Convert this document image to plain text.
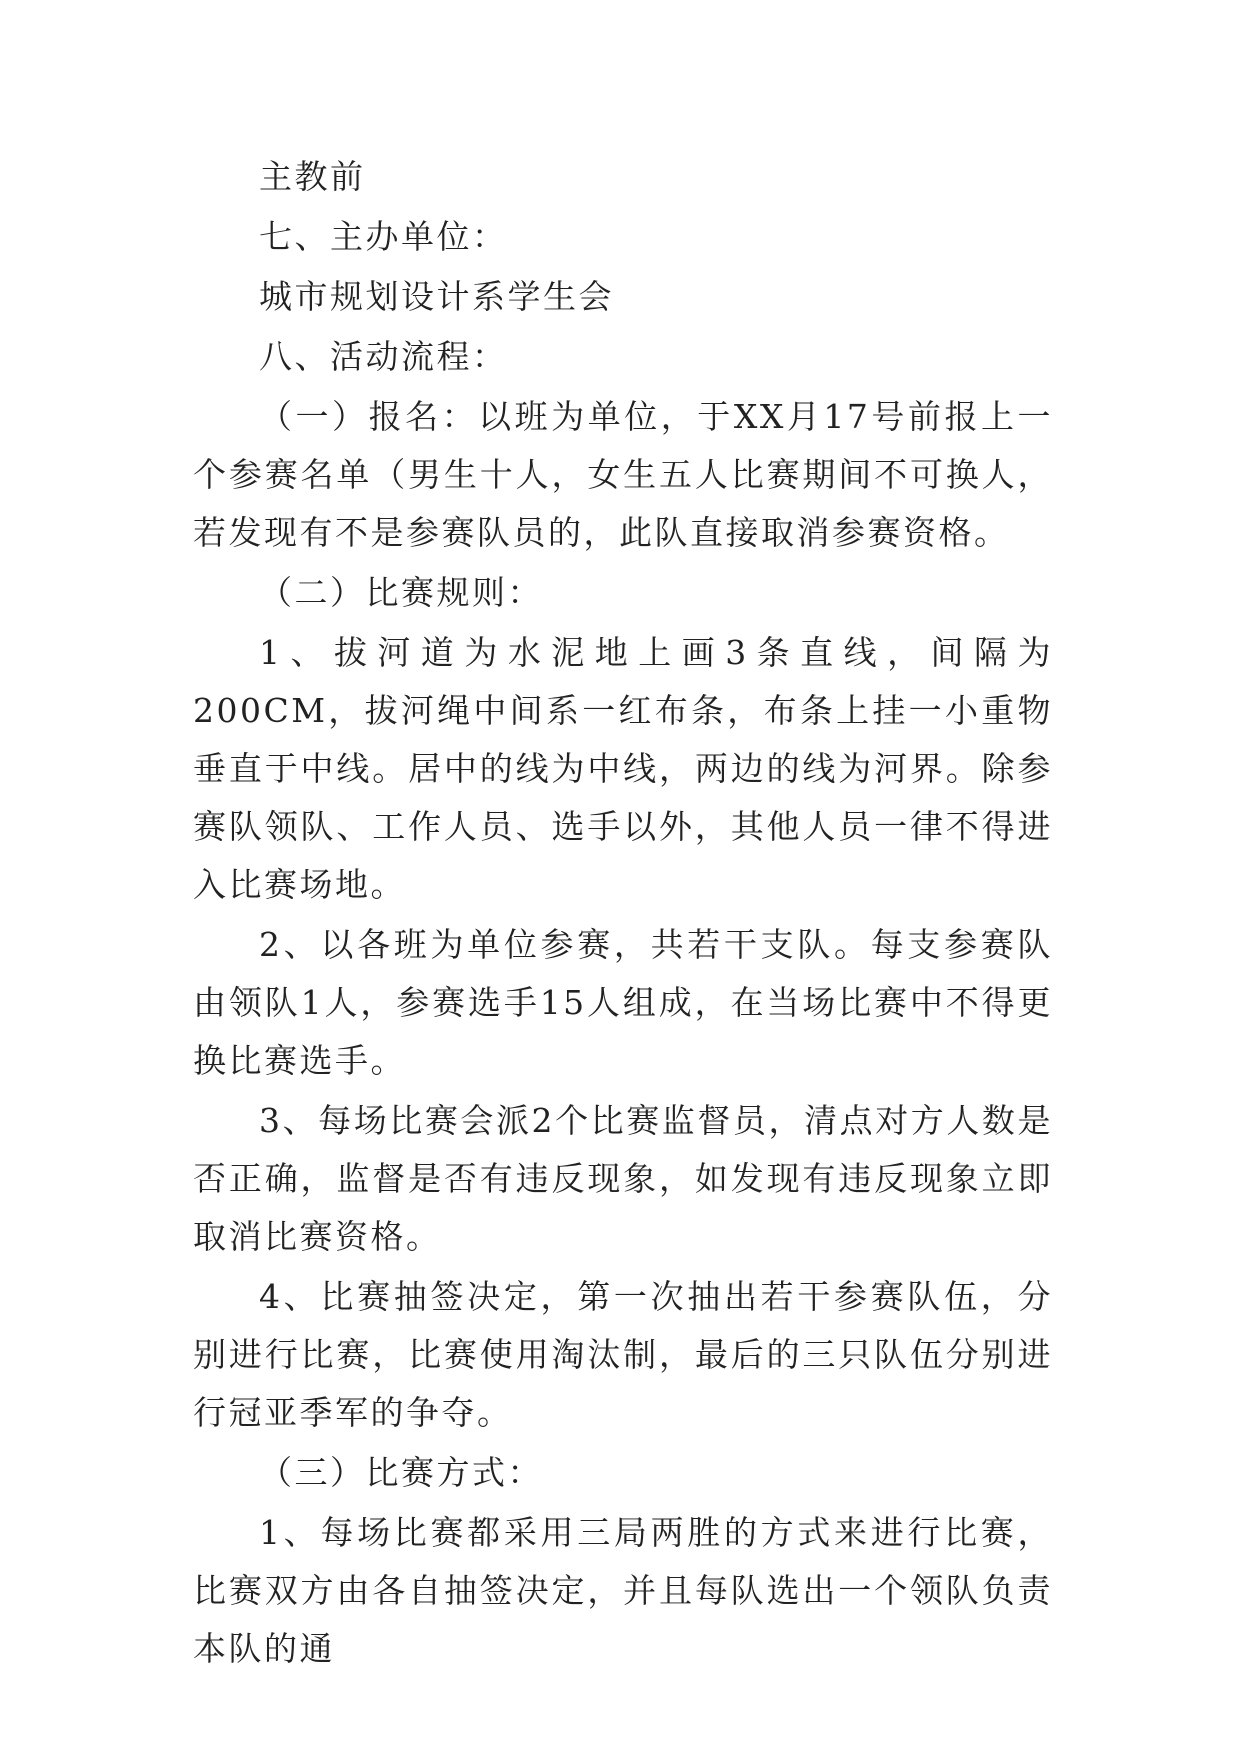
主教前

七、主办单位：

城市规划设计系学生会

八、活动流程：

（一）报名：以班为单位，于XX月17号前报上一个参赛名单（男生十人，女生五人比赛期间不可换人，若发现有不是参赛队员的，此队直接取消参赛资格。

（二）比赛规则：

1、拔河道为水泥地上画3条直线，间隔为200CM，拔河绳中间系一红布条，布条上挂一小重物垂直于中线。居中的线为中线，两边的线为河界。除参赛队领队、工作人员、选手以外，其他人员一律不得进入比赛场地。

2、以各班为单位参赛，共若干支队。每支参赛队由领队1人，参赛选手15人组成，在当场比赛中不得更换比赛选手。

3、每场比赛会派2个比赛监督员，清点对方人数是否正确，监督是否有违反现象，如发现有违反现象立即取消比赛资格。

4、比赛抽签决定，第一次抽出若干参赛队伍，分别进行比赛，比赛使用淘汰制，最后的三只队伍分别进行冠亚季军的争夺。

（三）比赛方式：

1、每场比赛都采用三局两胜的方式来进行比赛，比赛双方由各自抽签决定，并且每队选出一个领队负责本队的通
